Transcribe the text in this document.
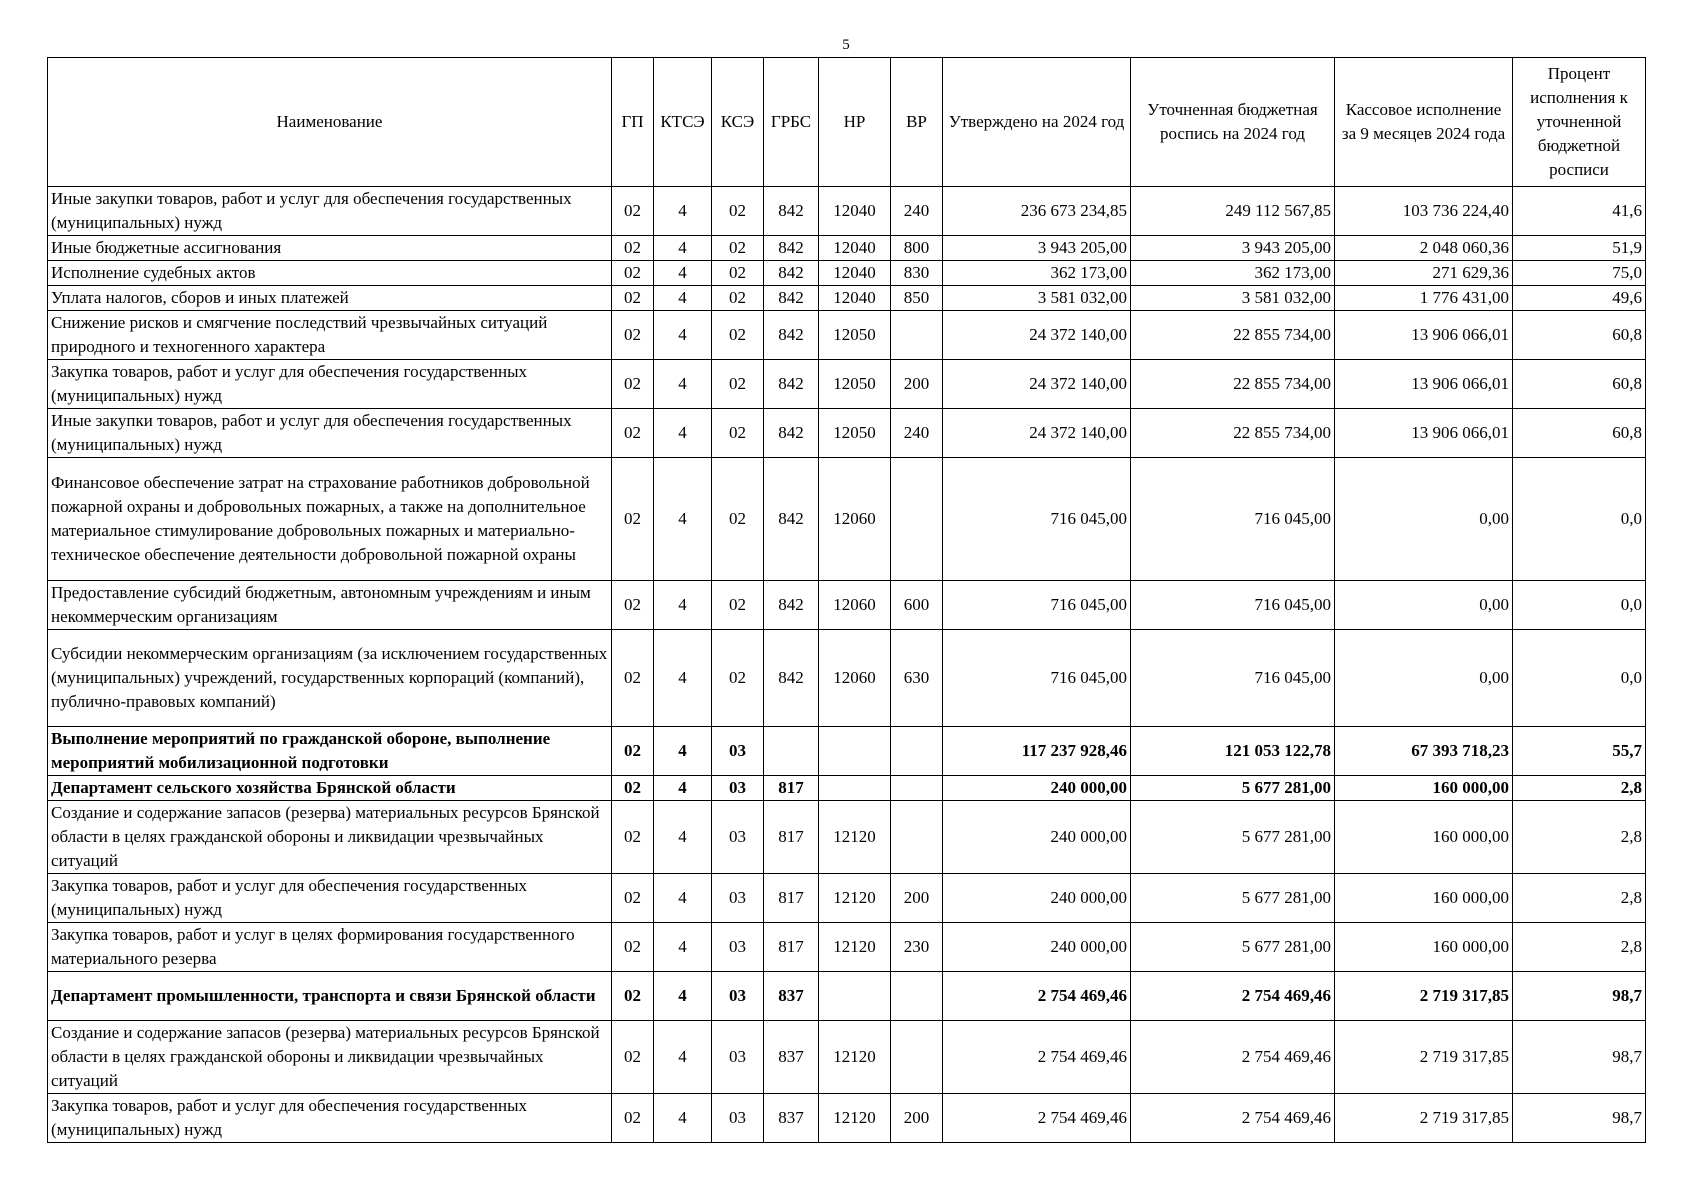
5
Наименование	ГП	КТСЭ	КСЭ	ГРБС	НР	ВР	Утверждено на 2024 год	Уточненная бюджетная роспись на 2024 год	Кассовое исполнение за 9 месяцев 2024 года	Процент исполнения к уточненной бюджетной росписи
Иные закупки товаров, работ и услуг для обеспечения государственных (муниципальных) нужд	02	4	02	842	12040	240	236 673 234,85	249 112 567,85	103 736 224,40	41,6
Иные бюджетные ассигнования	02	4	02	842	12040	800	3 943 205,00	3 943 205,00	2 048 060,36	51,9
Исполнение судебных актов	02	4	02	842	12040	830	362 173,00	362 173,00	271 629,36	75,0
Уплата налогов, сборов и иных платежей	02	4	02	842	12040	850	3 581 032,00	3 581 032,00	1 776 431,00	49,6
Снижение рисков и смягчение последствий чрезвычайных ситуаций природного и техногенного характера	02	4	02	842	12050		24 372 140,00	22 855 734,00	13 906 066,01	60,8
Закупка товаров, работ и услуг для обеспечения государственных (муниципальных) нужд	02	4	02	842	12050	200	24 372 140,00	22 855 734,00	13 906 066,01	60,8
Иные закупки товаров, работ и услуг для обеспечения государственных (муниципальных) нужд	02	4	02	842	12050	240	24 372 140,00	22 855 734,00	13 906 066,01	60,8
Финансовое обеспечение затрат на страхование работников добровольной пожарной охраны и добровольных пожарных, а также на дополнительное материальное стимулирование добровольных пожарных и материально-техническое обеспечение деятельности добровольной пожарной охраны	02	4	02	842	12060		716 045,00	716 045,00	0,00	0,0
Предоставление субсидий бюджетным, автономным учреждениям и иным некоммерческим организациям	02	4	02	842	12060	600	716 045,00	716 045,00	0,00	0,0
Субсидии некоммерческим организациям (за исключением государственных (муниципальных) учреждений, государственных корпораций (компаний), публично-правовых компаний)	02	4	02	842	12060	630	716 045,00	716 045,00	0,00	0,0
Выполнение мероприятий по гражданской обороне, выполнение мероприятий мобилизационной подготовки	02	4	03				117 237 928,46	121 053 122,78	67 393 718,23	55,7
Департамент сельского хозяйства Брянской области	02	4	03	817			240 000,00	5 677 281,00	160 000,00	2,8
Создание и содержание запасов (резерва) материальных ресурсов Брянской области в целях гражданской обороны и ликвидации чрезвычайных ситуаций	02	4	03	817	12120		240 000,00	5 677 281,00	160 000,00	2,8
Закупка товаров, работ и услуг для обеспечения государственных (муниципальных) нужд	02	4	03	817	12120	200	240 000,00	5 677 281,00	160 000,00	2,8
Закупка товаров, работ и услуг в целях формирования государственного материального резерва	02	4	03	817	12120	230	240 000,00	5 677 281,00	160 000,00	2,8
Департамент промышленности, транспорта и связи Брянской области	02	4	03	837			2 754 469,46	2 754 469,46	2 719 317,85	98,7
Создание и содержание запасов (резерва) материальных ресурсов Брянской области в целях гражданской обороны и ликвидации чрезвычайных ситуаций	02	4	03	837	12120		2 754 469,46	2 754 469,46	2 719 317,85	98,7
Закупка товаров, работ и услуг для обеспечения государственных (муниципальных) нужд	02	4	03	837	12120	200	2 754 469,46	2 754 469,46	2 719 317,85	98,7
